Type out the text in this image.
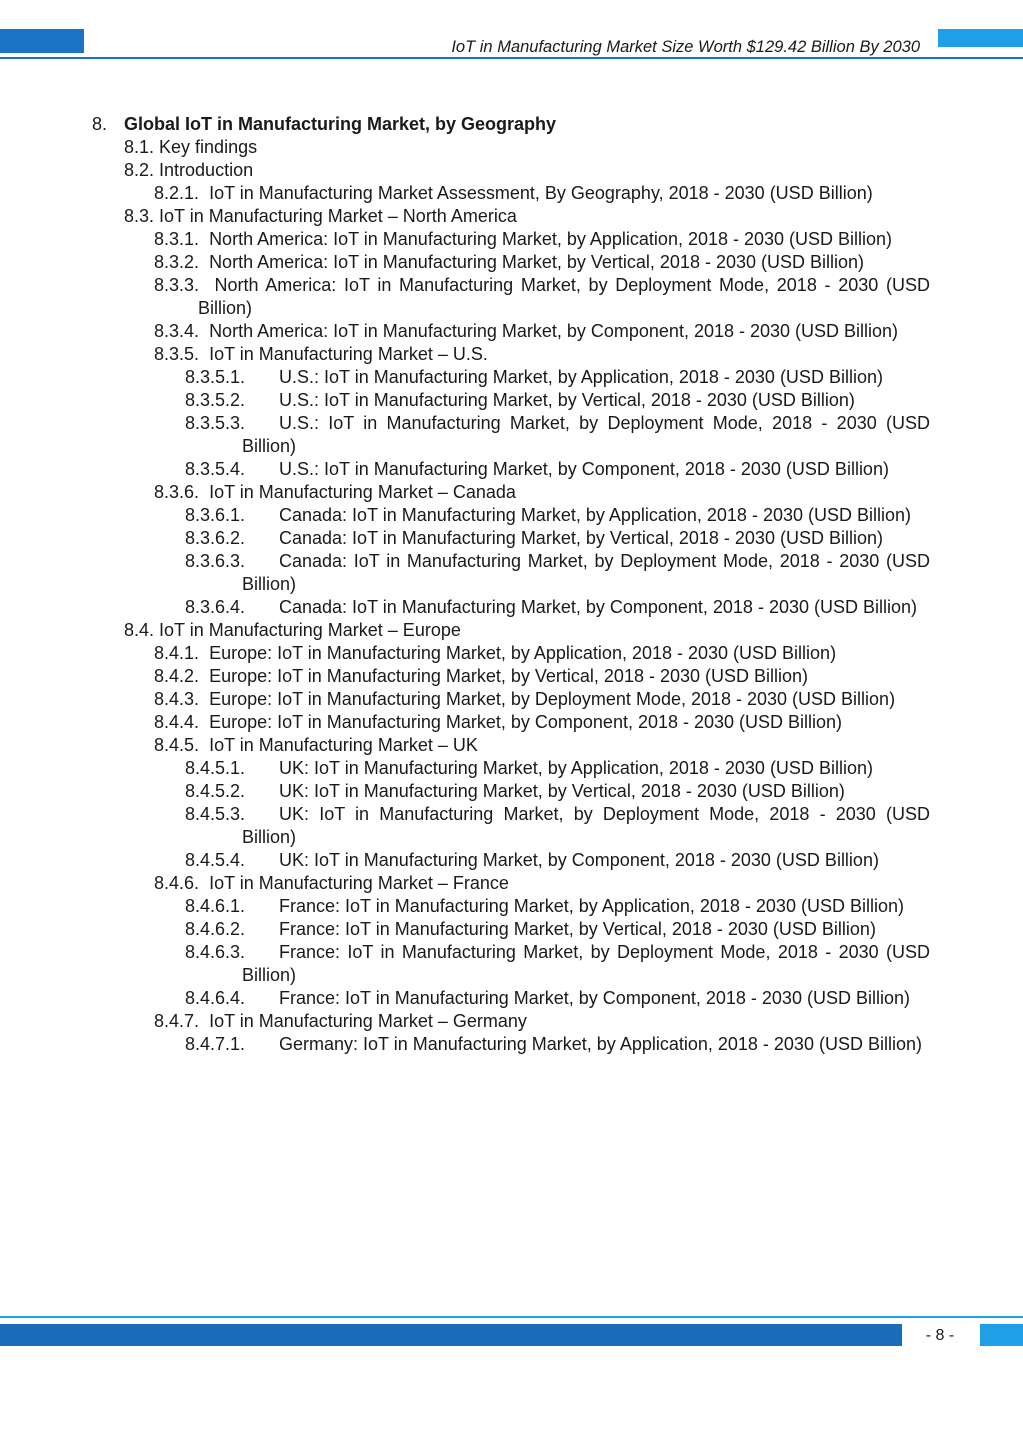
IoT in Manufacturing Market Size Worth $129.42 Billion By 2030
8. Global IoT in Manufacturing Market, by Geography
8.1. Key findings
8.2. Introduction
8.2.1. IoT in Manufacturing Market Assessment, By Geography, 2018 - 2030 (USD Billion)
8.3. IoT in Manufacturing Market – North America
8.3.1. North America: IoT in Manufacturing Market, by Application, 2018 - 2030 (USD Billion)
8.3.2. North America: IoT in Manufacturing Market, by Vertical, 2018 - 2030 (USD Billion)
8.3.3. North America: IoT in Manufacturing Market, by Deployment Mode, 2018 - 2030 (USD Billion)
8.3.4. North America: IoT in Manufacturing Market, by Component, 2018 - 2030 (USD Billion)
8.3.5. IoT in Manufacturing Market – U.S.
8.3.5.1. U.S.: IoT in Manufacturing Market, by Application, 2018 - 2030 (USD Billion)
8.3.5.2. U.S.: IoT in Manufacturing Market, by Vertical, 2018 - 2030 (USD Billion)
8.3.5.3. U.S.: IoT in Manufacturing Market, by Deployment Mode, 2018 - 2030 (USD Billion)
8.3.5.4. U.S.: IoT in Manufacturing Market, by Component, 2018 - 2030 (USD Billion)
8.3.6. IoT in Manufacturing Market – Canada
8.3.6.1. Canada: IoT in Manufacturing Market, by Application, 2018 - 2030 (USD Billion)
8.3.6.2. Canada: IoT in Manufacturing Market, by Vertical, 2018 - 2030 (USD Billion)
8.3.6.3. Canada: IoT in Manufacturing Market, by Deployment Mode, 2018 - 2030 (USD Billion)
8.3.6.4. Canada: IoT in Manufacturing Market, by Component, 2018 - 2030 (USD Billion)
8.4. IoT in Manufacturing Market – Europe
8.4.1. Europe: IoT in Manufacturing Market, by Application, 2018 - 2030 (USD Billion)
8.4.2. Europe: IoT in Manufacturing Market, by Vertical, 2018 - 2030 (USD Billion)
8.4.3. Europe: IoT in Manufacturing Market, by Deployment Mode, 2018 - 2030 (USD Billion)
8.4.4. Europe: IoT in Manufacturing Market, by Component, 2018 - 2030 (USD Billion)
8.4.5. IoT in Manufacturing Market – UK
8.4.5.1. UK: IoT in Manufacturing Market, by Application, 2018 - 2030 (USD Billion)
8.4.5.2. UK: IoT in Manufacturing Market, by Vertical, 2018 - 2030 (USD Billion)
8.4.5.3. UK: IoT in Manufacturing Market, by Deployment Mode, 2018 - 2030 (USD Billion)
8.4.5.4. UK: IoT in Manufacturing Market, by Component, 2018 - 2030 (USD Billion)
8.4.6. IoT in Manufacturing Market – France
8.4.6.1. France: IoT in Manufacturing Market, by Application, 2018 - 2030 (USD Billion)
8.4.6.2. France: IoT in Manufacturing Market, by Vertical, 2018 - 2030 (USD Billion)
8.4.6.3. France: IoT in Manufacturing Market, by Deployment Mode, 2018 - 2030 (USD Billion)
8.4.6.4. France: IoT in Manufacturing Market, by Component, 2018 - 2030 (USD Billion)
8.4.7. IoT in Manufacturing Market – Germany
8.4.7.1. Germany: IoT in Manufacturing Market, by Application, 2018 - 2030 (USD Billion)
- 8 -
